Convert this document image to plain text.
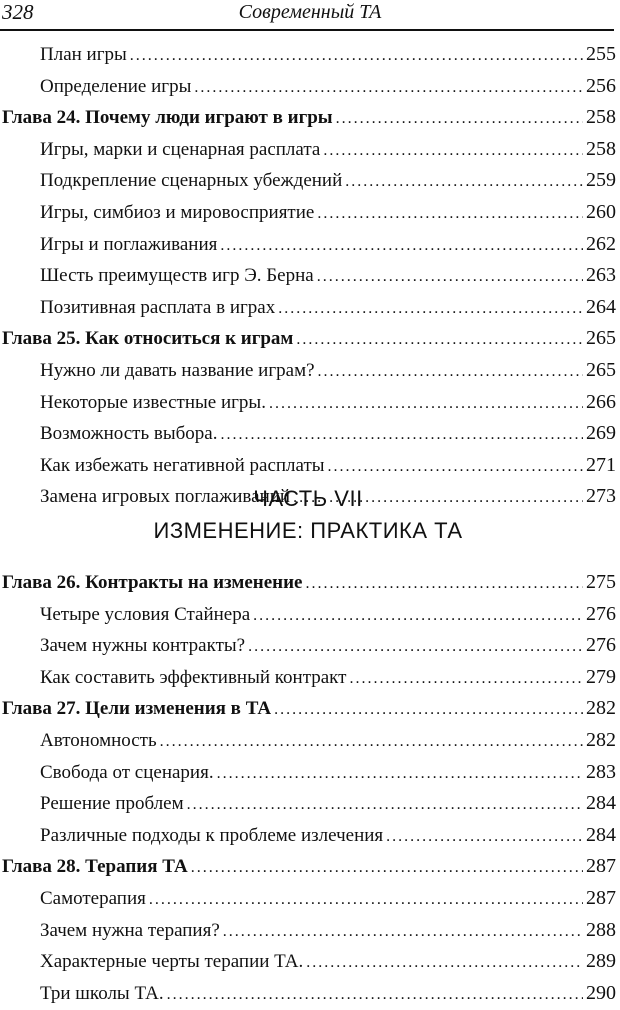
328	Современный ТА
План игры . . .	255
Определение игры . . .	256
Глава 24. Почему люди играют в игры . . .	258
Игры, марки и сценарная расплата . . .	258
Подкрепление сценарных убеждений . . .	259
Игры, симбиоз и мировосприятие . . .	260
Игры и поглаживания . . .	262
Шесть преимуществ игр Э. Берна . . .	263
Позитивная расплата в играх . . .	264
Глава 25. Как относиться к играм . . .	265
Нужно ли давать название играм? . . .	265
Некоторые известные игры. . . .	266
Возможность выбора. . . .	269
Как избежать негативной расплаты . . .	271
Замена игровых поглаживаний . . .	273
ЧАСТЬ VII
ИЗМЕНЕНИЕ: ПРАКТИКА ТА
Глава 26. Контракты на изменение . . .	275
Четыре условия Стайнера . . .	276
Зачем нужны контракты? . . .	276
Как составить эффективный контракт . . .	279
Глава 27. Цели изменения в ТА . . .	282
Автономность . . .	282
Свобода от сценария. . . .	283
Решение проблем . . .	284
Различные подходы к проблеме излечения . . .	284
Глава 28. Терапия ТА . . .	287
Самотерапия . . .	287
Зачем нужна терапия? . . .	288
Характерные черты терапии ТА. . . .	289
Три школы ТА. . . .	290
